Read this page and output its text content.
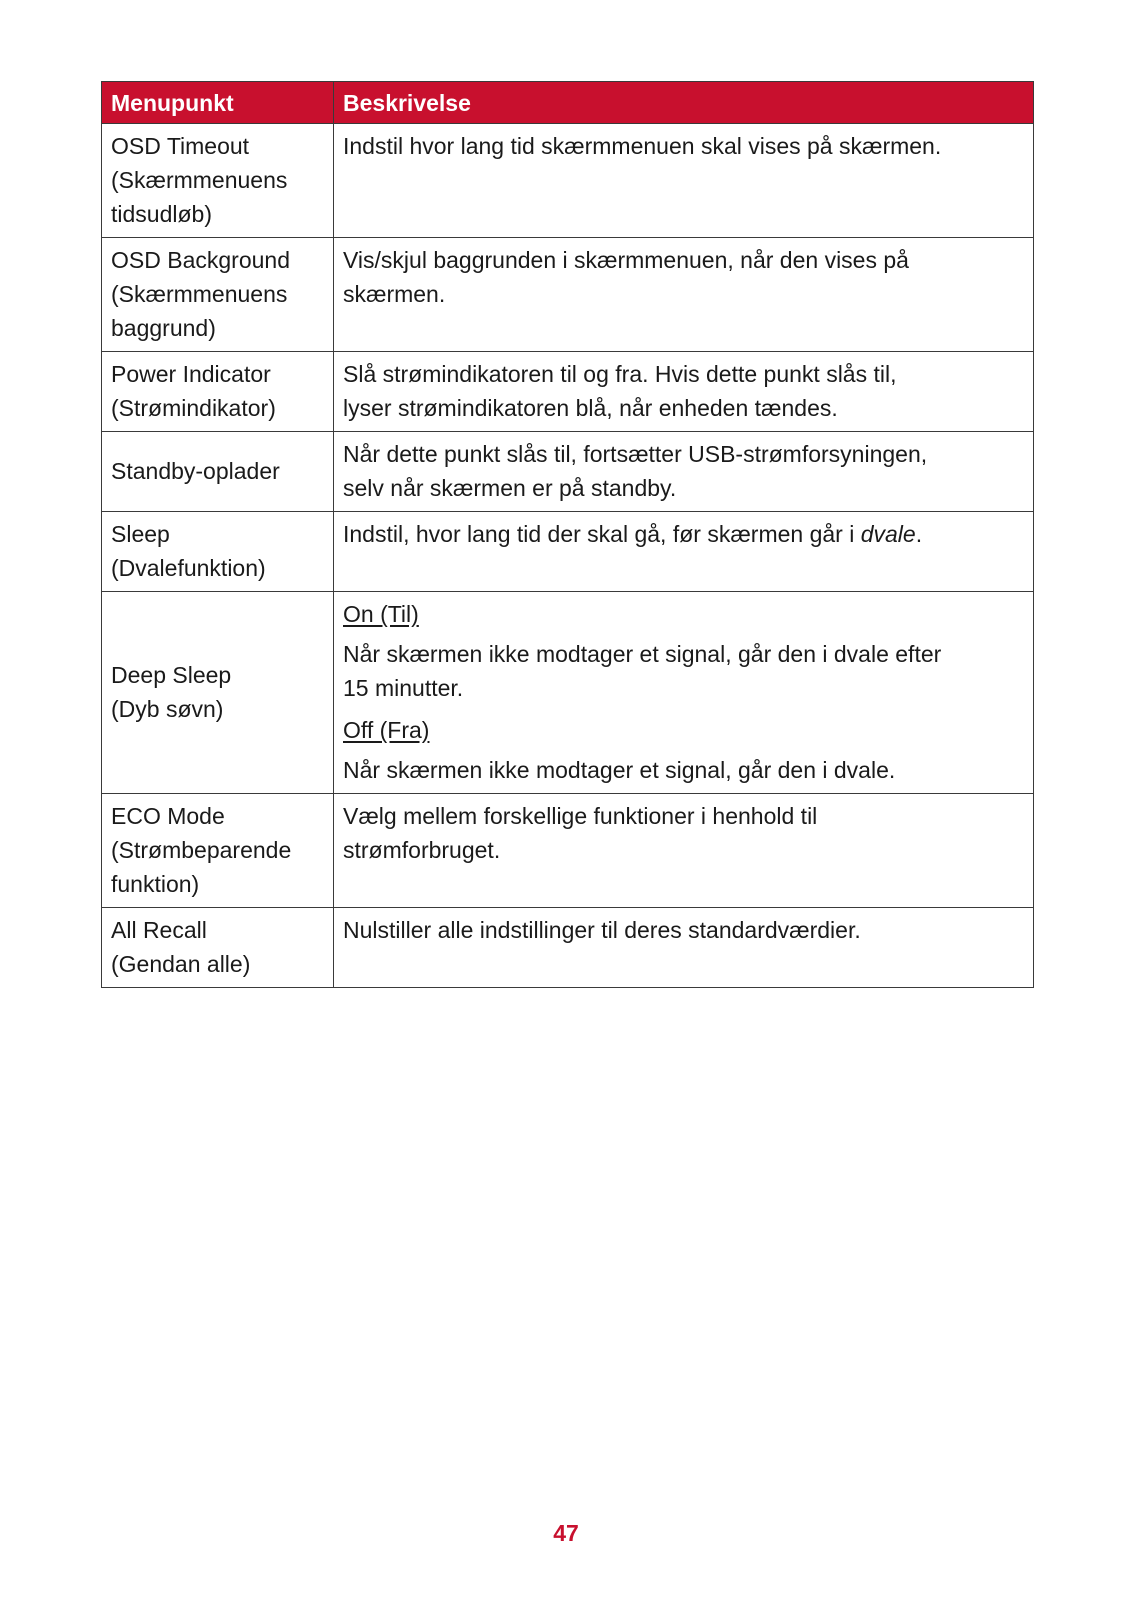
Menupunkt	Beskrivelse

OSD Timeout
(Skærmmenuens
tidsudløb)	Indstil hvor lang tid skærmmenuen skal vises på skærmen.

OSD Background
(Skærmmenuens
baggrund)	Vis/skjul baggrunden i skærmmenuen, når den vises på
skærmen.

Power Indicator
(Strømindikator)	Slå strømindikatoren til og fra. Hvis dette punkt slås til,
lyser strømindikatoren blå, når enheden tændes.

Standby-oplader	Når dette punkt slås til, fortsætter USB-strømforsyningen,
selv når skærmen er på standby.

Sleep
(Dvalefunktion)	Indstil, hvor lang tid der skal gå, før skærmen går i dvale.

Deep Sleep
(Dyb søvn)	On (Til)
Når skærmen ikke modtager et signal, går den i dvale efter
15 minutter.
Off (Fra)
Når skærmen ikke modtager et signal, går den i dvale.

ECO Mode
(Strømbeparende
funktion)	Vælg mellem forskellige funktioner i henhold til
strømforbruget.

All Recall
(Gendan alle)	Nulstiller alle indstillinger til deres standardværdier.
47
